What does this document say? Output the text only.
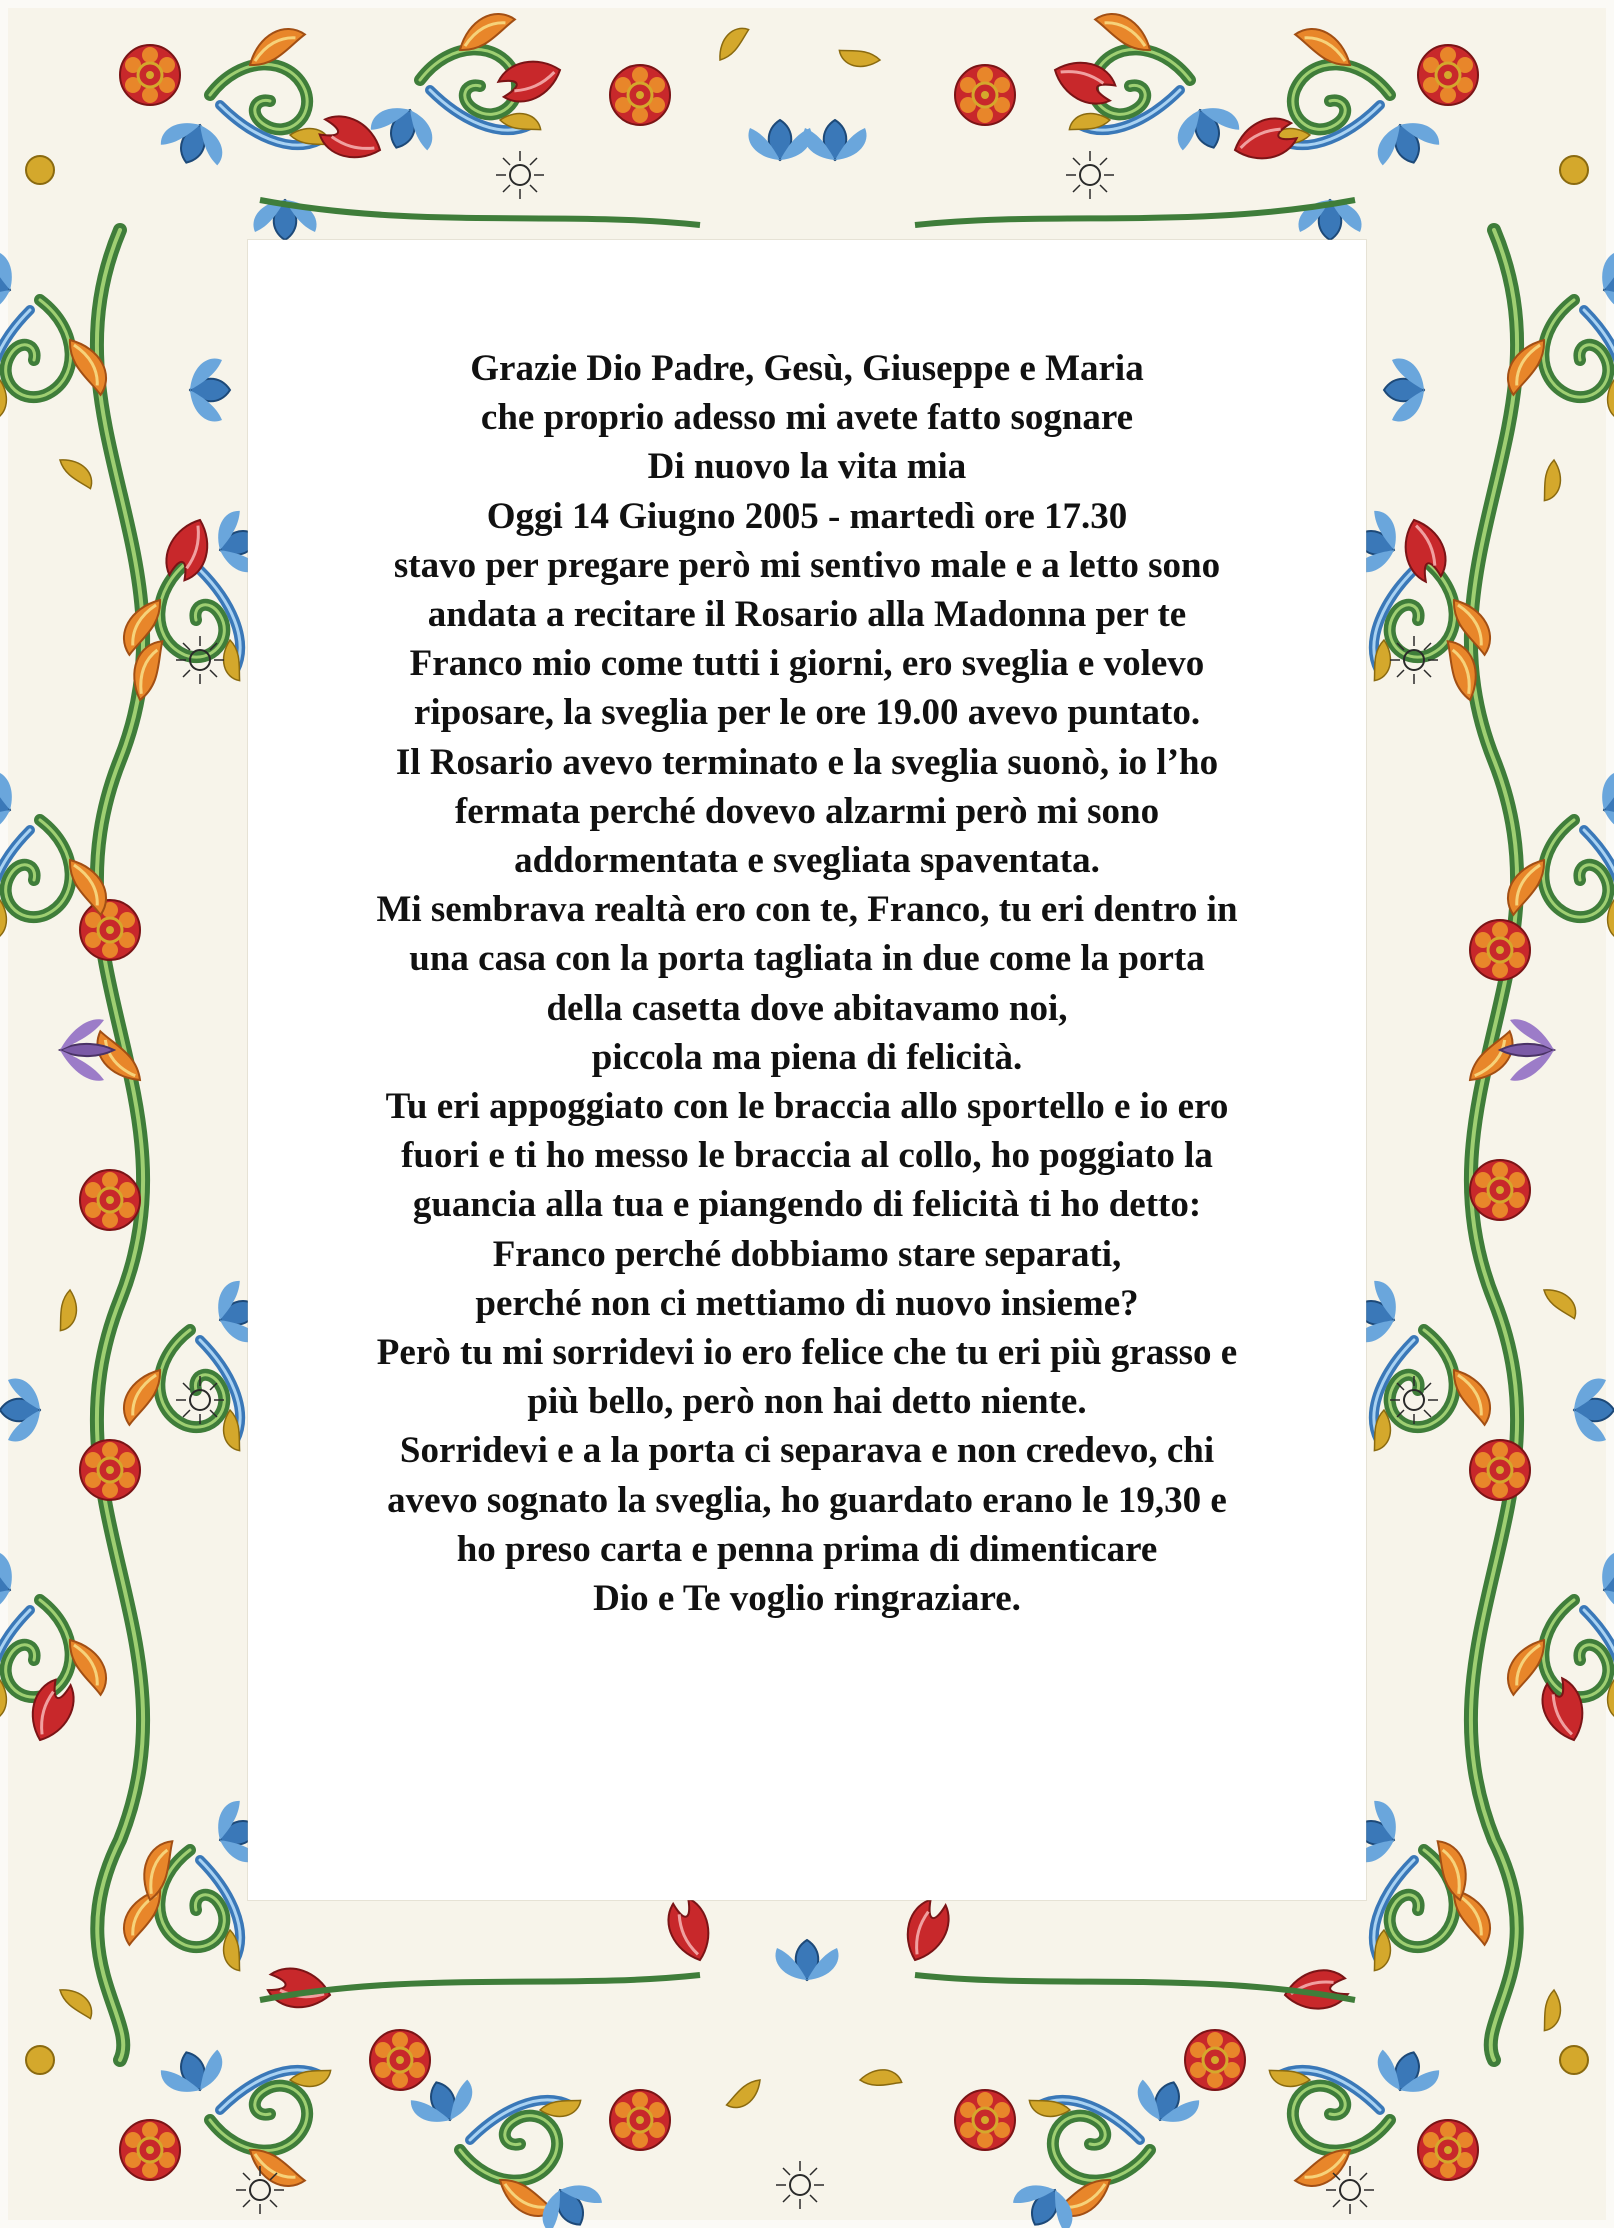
Grazie Dio Padre, Gesù, Giuseppe e Maria
che proprio adesso mi avete fatto sognare
Di nuovo la vita mia
Oggi 14 Giugno 2005 - martedì ore 17.30
stavo per pregare però mi sentivo male e a letto sono
andata a recitare il Rosario alla Madonna per te
Franco mio come tutti i giorni, ero sveglia e volevo
riposare, la sveglia per le ore 19.00 avevo puntato.
Il Rosario avevo terminato e la sveglia suonò, io l’ho
fermata perché dovevo alzarmi però mi sono
addormentata e svegliata spaventata.
Mi sembrava realtà ero con te, Franco, tu eri dentro in
una casa con la porta tagliata in due come la porta
della casetta dove abitavamo noi,
piccola ma piena di felicità.
Tu eri appoggiato con le braccia allo sportello e io ero
fuori e ti ho messo le braccia al collo, ho poggiato la
guancia alla tua e piangendo di felicità ti ho detto:
Franco perché dobbiamo stare separati,
perché non ci mettiamo di nuovo insieme?
Però tu mi sorridevi io ero felice che tu eri più grasso e
più bello, però non hai detto niente.
Sorridevi e a la porta ci separava e non credevo, chi
avevo sognato la sveglia, ho guardato erano le 19,30 e
ho preso carta e penna prima di dimenticare
Dio e Te voglio ringraziare.
